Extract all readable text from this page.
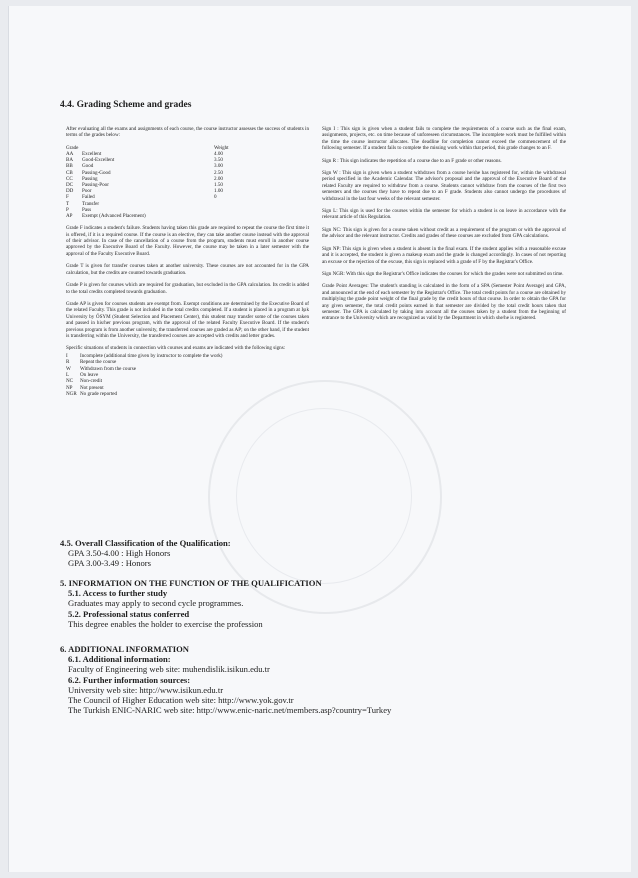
4.4. Grading Scheme and grades

After evaluating all the exams and assignments of each course, the course instructor assesses the success of students in terms of the grades below:

Grade		Weight
AA	Excellent	4.00
BA	Good-Excellent	3.50
BB	Good	3.00
CB	Passing-Good	2.50
CC	Passing	2.00
DC	Passing-Poor	1.50
DD	Poor	1.00
F	Failed	0
T	Transfer	
P	Pass	
AP	Exempt (Advanced Placement)	

Grade F indicates a student's failure. Students having taken this grade are required to repeat the course the first time it is offered, if it is a required course. If the course is an elective, they can take another course instead with the approval of their advisor. In case of the cancellation of a course from the program, students must enroll in another course approved by the Executive Board of the Faculty. However, the course may be taken in a later semester with the approval of the Faculty Executive Board.

Grade T is given for transfer courses taken at another university. These courses are not accounted for in the GPA calculation, but the credits are counted towards graduation.

Grade P is given for courses which are required for graduation, but excluded in the GPA calculation. Its credit is added to the total credits completed towards graduation.

Grade AP is given for courses students are exempt from. Exempt conditions are determined by the Executive Board of the related Faculty. This grade is not included in the total credits completed. If a student is placed in a program at Işık University by ÖSYM (Student Selection and Placement Center), this student may transfer some of the courses taken and passed in his/her previous program, with the approval of the related Faculty Executive Board. If the student's previous program is from another university, the transferred courses are graded as AP; on the other hand, if the student is transferring within the University, the transferred courses are accepted with credits and letter grades.

Specific situations of students in connection with courses and exams are indicated with the following signs:

I	Incomplete (additional time given by instructor to complete the work)
R	Repeat the course
W	Withdrawn from the course
L	On leave
NC	Non-credit
NP	Not present
NGR No grade reported

Sign I : This sign is given when a student fails to complete the requirements of a course such as the final exam, assignments, projects, etc. on time because of unforeseen circumstances. The incomplete work must be fulfilled within the time the course instructor allocates. The deadline for completion cannot exceed the commencement of the following semester. If a student fails to complete the missing work within that period, this grade changes to an F.

Sign R : This sign indicates the repetition of a course due to an F grade or other reasons.

Sign W : This sign is given when a student withdraws from a course he/she has registered for, within the withdrawal period specified in the Academic Calendar. The advisor's proposal and the approval of the Executive Board of the related Faculty are required to withdraw from a course. Students cannot withdraw from the courses of the first two semesters and the courses they have to repeat due to an F grade. Students also cannot undergo the procedures of withdrawal in the last four weeks of the relevant semester.

Sign L: This sign is used for the courses within the semester for which a student is on leave in accordance with the relevant article of this Regulation.

Sign NC: This sign is given for a course taken without credit as a requirement of the program or with the approval of the advisor and the relevant instructor. Credits and grades of these courses are excluded from GPA calculations.

Sign NP: This sign is given when a student is absent in the final exam. If the student applies with a reasonable excuse and it is accepted, the student is given a makeup exam and the grade is changed accordingly. In cases of not reporting an excuse or the rejection of the excuse, this sign is replaced with a grade of F by the Registrar's Office.

Sign NGR: With this sign the Registrar's Office indicates the courses for which the grades were not submitted on time.

Grade Point Averages: The student's standing is calculated in the form of a SPA (Semester Point Average) and GPA, and announced at the end of each semester by the Registrar's Office. The total credit points for a course are obtained by multiplying the grade point weight of the final grade by the credit hours of that course. In order to obtain the GPA for any given semester, the total credit points earned in that semester are divided by the total credit hours taken that semester. The GPA is calculated by taking into account all the courses taken by a student from the beginning of entrance to the University which are recognized as valid by the Department in which she/he is registered.

4.5. Overall Classification of the Qualification:
GPA 3.50-4.00 : High Honors
GPA 3.00-3.49 : Honors
5. INFORMATION ON THE FUNCTION OF THE QUALIFICATION
5.1. Access to further study
Graduates may apply to second cycle programmes.
5.2. Professional status conferred
This degree enables the holder to exercise the profession
6. ADDITIONAL INFORMATION
6.1. Additional information:
Faculty of Engineering web site: muhendislik.isikun.edu.tr
6.2. Further information sources:
University web site: http://www.isikun.edu.tr
The Council of Higher Education web site: http://www.yok.gov.tr
The Turkish ENIC-NARIC web site: http://www.enic-naric.net/members.asp?country=Turkey
